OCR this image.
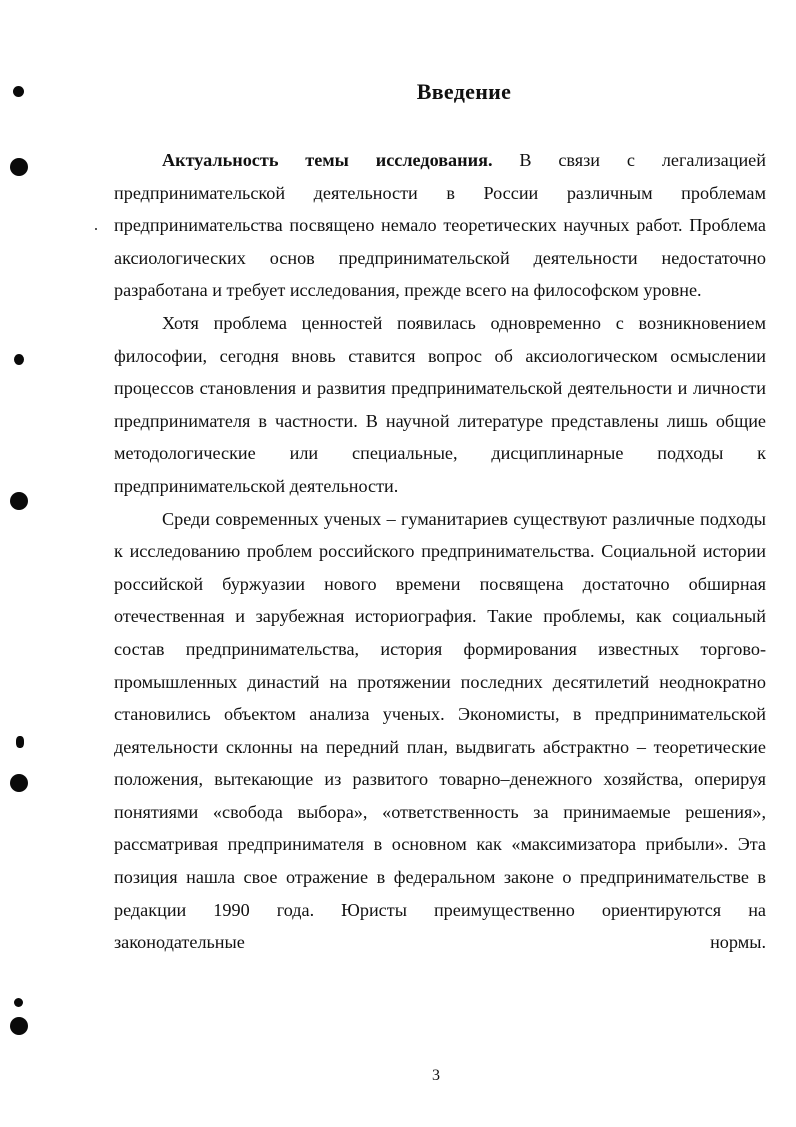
Введение

Актуальность темы исследования. В связи с легализацией предпринимательской деятельности в России различным проблемам предпринимательства посвящено немало теоретических научных работ. Проблема аксиологических основ предпринимательской деятельности недостаточно разработана и требует исследования, прежде всего на философском уровне.

Хотя проблема ценностей появилась одновременно с возникновением философии, сегодня вновь ставится вопрос об аксиологическом осмыслении процессов становления и развития предпринимательской деятельности и личности предпринимателя в частности. В научной литературе представлены лишь общие методологические или специальные, дисциплинарные подходы к предпринимательской деятельности.

Среди современных ученых – гуманитариев существуют различные подходы к исследованию проблем российского предпринимательства. Социальной истории российской буржуазии нового времени посвящена достаточно обширная отечественная и зарубежная историография. Такие проблемы, как социальный состав предпринимательства, история формирования известных торгово-промышленных династий на протяжении последних десятилетий неоднократно становились объектом анализа ученых. Экономисты, в предпринимательской деятельности склонны на передний план, выдвигать абстрактно – теоретические положения, вытекающие из развитого товарно–денежного хозяйства, оперируя понятиями «свобода выбора», «ответственность за принимаемые решения», рассматривая предпринимателя в основном как «максимизатора прибыли». Эта позиция нашла свое отражение в федеральном законе о предпринимательстве в редакции 1990 года. Юристы преимущественно ориентируются на законодательные нормы.

3
